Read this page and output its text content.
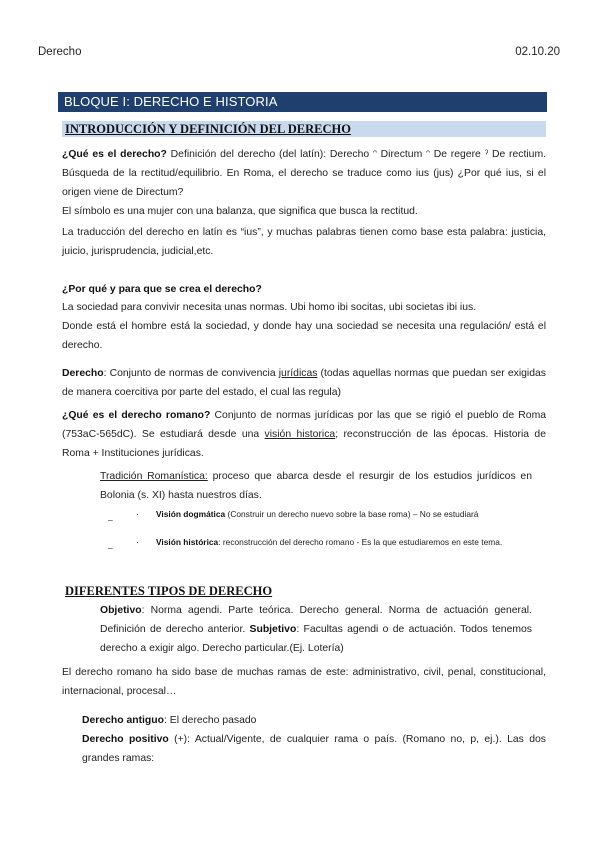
Derecho	02.10.20
BLOQUE I: DERECHO E HISTORIA
INTRODUCCIÓN Y DEFINICIÓN DEL DERECHO
¿Qué es el derecho? Definición del derecho (del latín): Derecho ᵔ Directum ᵔ De regere ˀ De rectium. Búsqueda de la rectitud/equilibrio. En Roma, el derecho se traduce como ius (jus) ¿Por qué ius, si el origen viene de Directum?
El símbolo es una mujer con una balanza, que significa que busca la rectitud.
La traducción del derecho en latín es “ius”, y muchas palabras tienen como base esta palabra: justicia, juicio, jurisprudencia, judicial,etc.
¿Por qué y para que se crea el derecho?
La sociedad para convivir necesita unas normas. Ubi homo ibi socitas, ubi societas ibi ius.
Donde está el hombre está la sociedad, y donde hay una sociedad se necesita una regulación/ está el derecho.
Derecho: Conjunto de normas de convivencia jurídicas (todas aquellas normas que puedan ser exigidas de manera coercitiva por parte del estado, el cual las regula)
¿Qué es el derecho romano? Conjunto de normas jurídicas por las que se rigió el pueblo de Roma (753aC-565dC). Se estudiará desde una visión historica; reconstrucción de las épocas. Historia de Roma + Instituciones jurídicas.
Tradición Romanística: proceso que abarca desde el resurgir de los estudios jurídicos en Bolonia (s. XI) hasta nuestros días.
_	· Visión dogmática (Construir un derecho nuevo sobre la base roma) – No se estudiará
_	· Visión histórica: reconstrucción del derecho romano - Es la que estudiaremos en este tema.
DIFERENTES TIPOS DE DERECHO
Objetivo: Norma agendi. Parte teórica. Derecho general. Norma de actuación general. Definición de derecho anterior. Subjetivo: Facultas agendi o de actuación. Todos tenemos derecho a exigir algo. Derecho particular.(Ej. Lotería)
El derecho romano ha sido base de muchas ramas de este: administrativo, civil, penal, constitucional, internacional, procesal…
Derecho antiguo: El derecho pasado
Derecho positivo (+): Actual/Vigente, de cualquier rama o país. (Romano no, p, ej.). Las dos grandes ramas:
